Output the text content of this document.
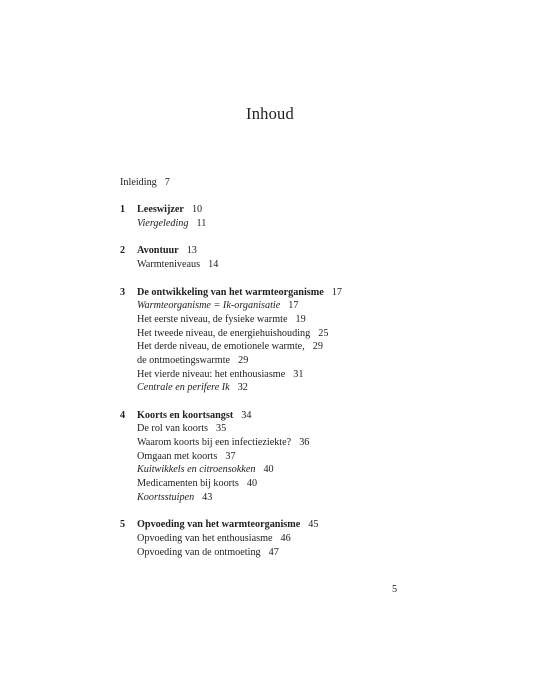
Inhoud
Inleiding 7
1 Leeswijzer 10
Viergeleding 11
2 Avontuur 13
Warmteniveaus 14
3 De ontwikkeling van het warmteorganisme 17
Warmteorganisme = Ik-organisatie 17
Het eerste niveau, de fysieke warmte 19
Het tweede niveau, de energiehuishouding 25
Het derde niveau, de emotionele warmte, 29
de ontmoetingswarmte 29
Het vierde niveau: het enthousiasme 31
Centrale en perifere Ik 32
4 Koorts en koortsangst 34
De rol van koorts 35
Waarom koorts bij een infectieziekte? 36
Omgaan met koorts 37
Kuitwikkels en citroensokken 40
Medicamenten bij koorts 40
Koortsstuipen 43
5 Opvoeding van het warmteorganisme 45
Opvoeding van het enthousiasme 46
Opvoeding van de ontmoeting 47
5
